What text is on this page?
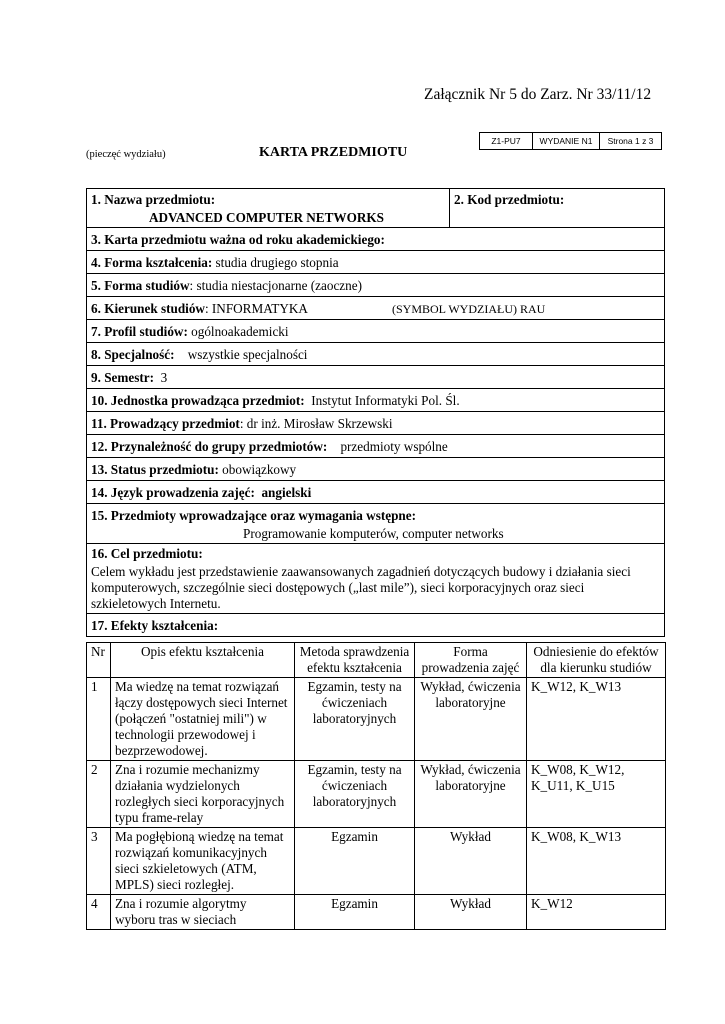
Załącznik Nr 5 do Zarz. Nr 33/11/12
Z1-PU7	WYDANIE N1	Strona 1 z 3
(pieczęć wydziału)	KARTA PRZEDMIOTU
1. Nazwa przedmiotu:
ADVANCED COMPUTER NETWORKS
2. Kod przedmiotu:
3. Karta przedmiotu ważna od roku akademickiego:
4. Forma kształcenia: studia drugiego stopnia
5. Forma studiów: studia niestacjonarne (zaoczne)
6. Kierunek studiów: INFORMATYKA	(SYMBOL WYDZIAŁU) RAU
7. Profil studiów: ogólnoakademicki
8. Specjalność: wszystkie specjalności
9. Semestr: 3
10. Jednostka prowadząca przedmiot: Instytut Informatyki Pol. Śl.
11. Prowadzący przedmiot: dr inż. Mirosław Skrzewski
12. Przynależność do grupy przedmiotów: przedmioty wspólne
13. Status przedmiotu: obowiązkowy
14. Język prowadzenia zajęć: angielski
15. Przedmioty wprowadzające oraz wymagania wstępne:
Programowanie komputerów, computer networks
16. Cel przedmiotu:
Celem wykładu jest przedstawienie zaawansowanych zagadnień dotyczących budowy i działania sieci komputerowych, szczególnie sieci dostępowych („last mile”), sieci korporacyjnych oraz sieci szkieletowych Internetu.
17. Efekty kształcenia:
Nr	Opis efektu kształcenia	Metoda sprawdzenia efektu kształcenia	Forma prowadzenia zajęć	Odniesienie do efektów dla kierunku studiów
1	Ma wiedzę na temat rozwiązań łączy dostępowych sieci Internet (połączeń "ostatniej mili") w technologii przewodowej i bezprzewodowej.	Egzamin, testy na ćwiczeniach laboratoryjnych	Wykład, ćwiczenia laboratoryjne	K_W12, K_W13
2	Zna i rozumie mechanizmy działania wydzielonych rozległych sieci korporacyjnych typu frame-relay	Egzamin, testy na ćwiczeniach laboratoryjnych	Wykład, ćwiczenia laboratoryjne	K_W08, K_W12, K_U11, K_U15
3	Ma pogłębioną wiedzę na temat rozwiązań komunikacyjnych sieci szkieletowych (ATM, MPLS) sieci rozległej.	Egzamin	Wykład	K_W08, K_W13
4	Zna i rozumie algorytmy wyboru tras w sieciach	Egzamin	Wykład	K_W12
